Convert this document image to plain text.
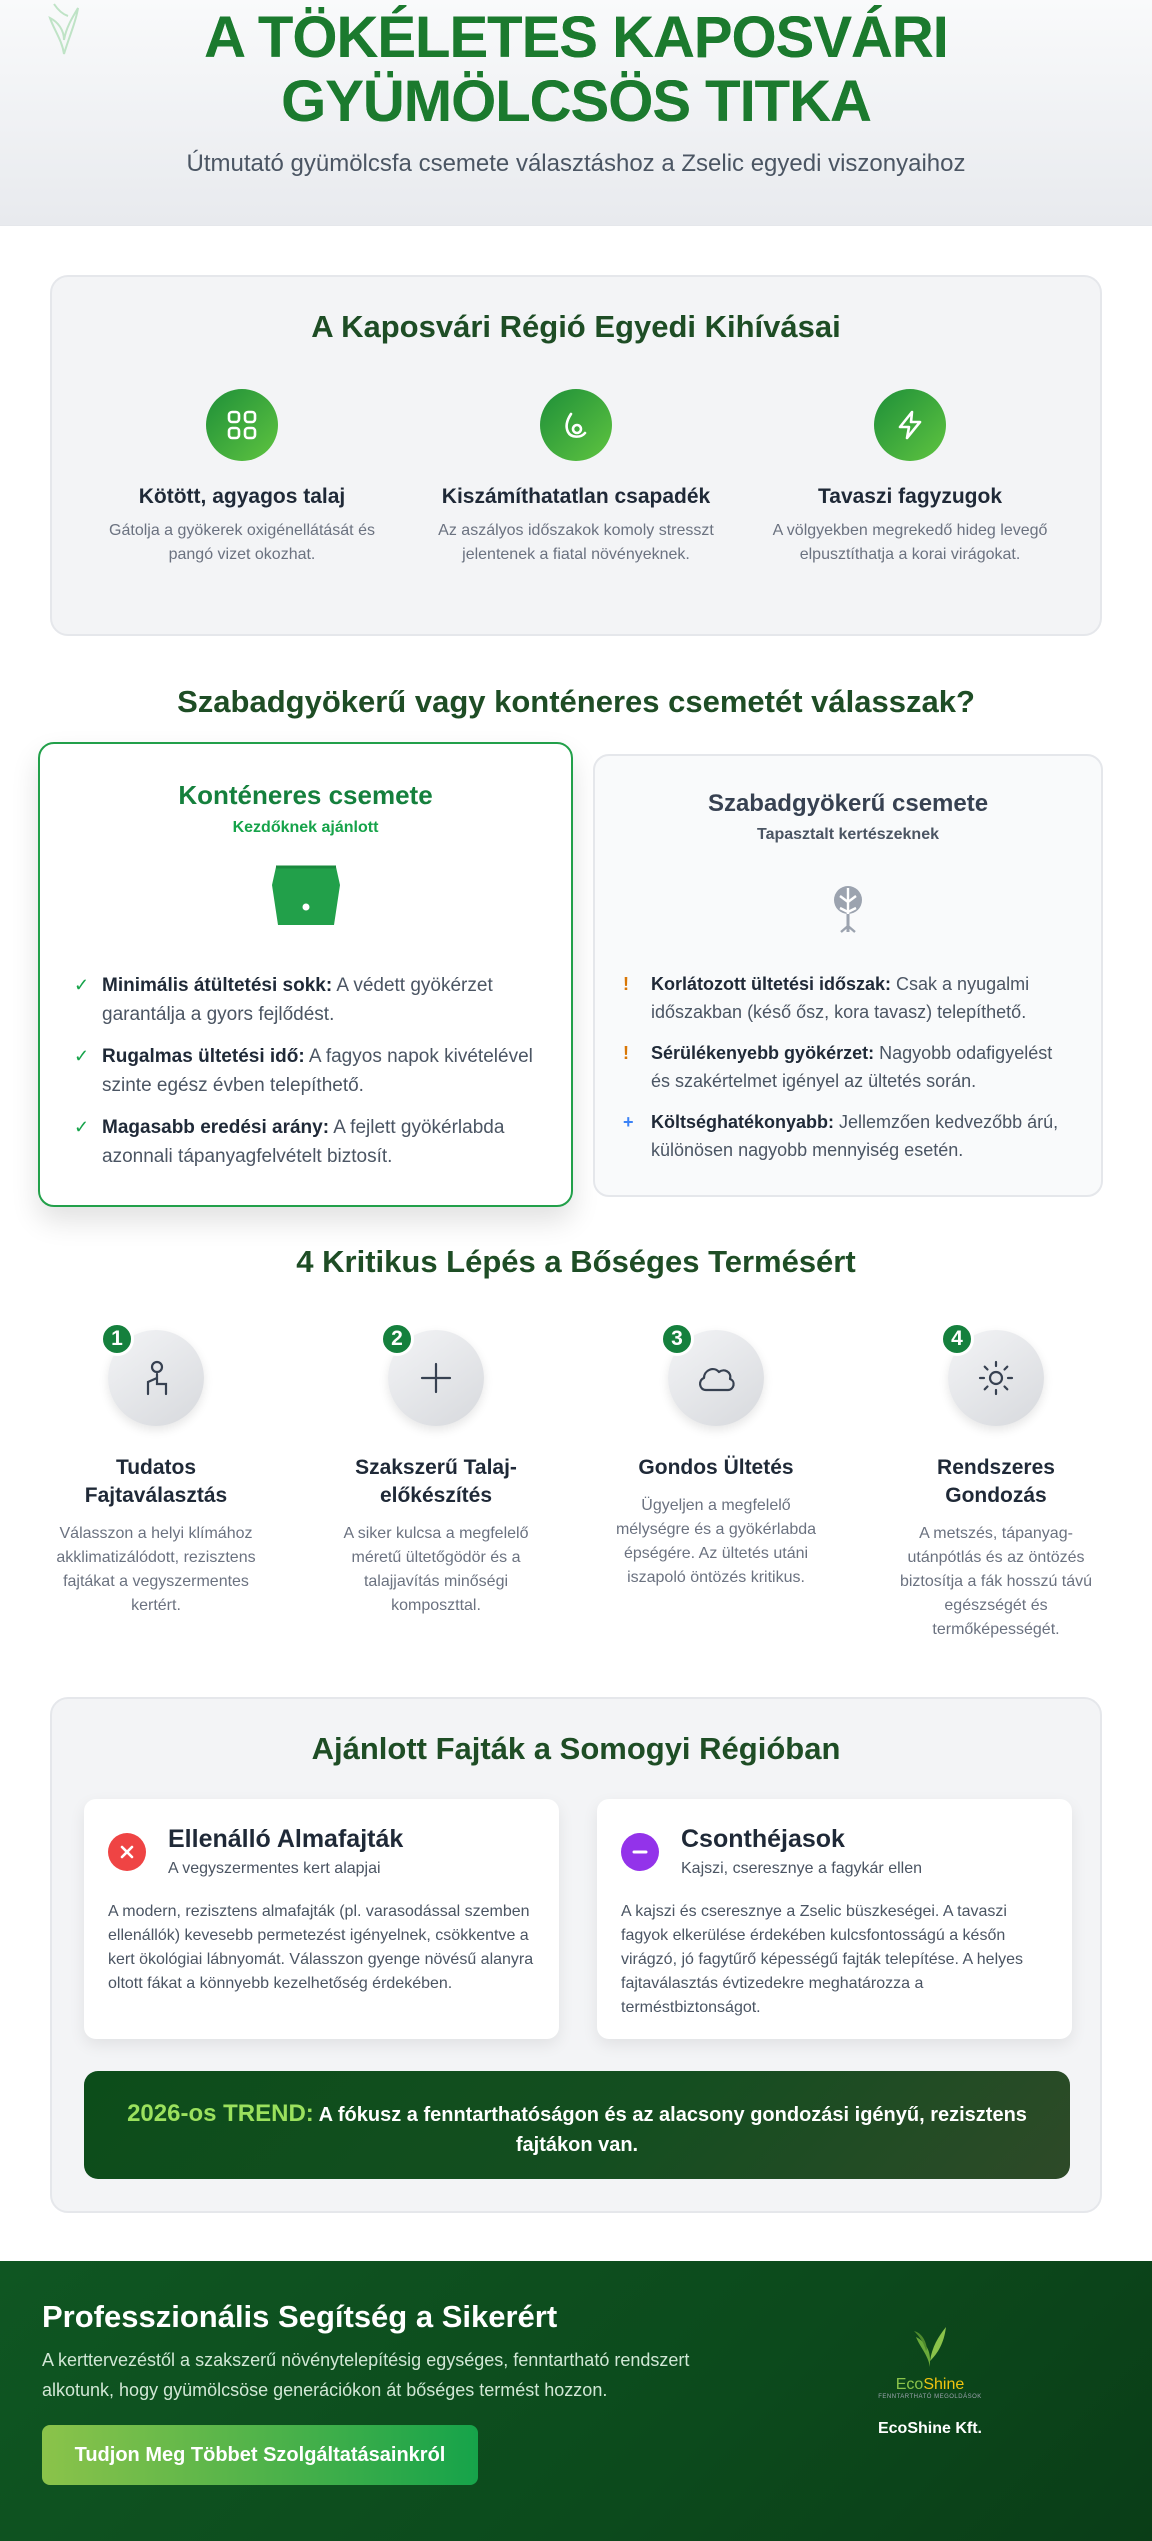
A TÖKÉLETES KAPOSVÁRI
GYÜMÖLCSÖS TITKA

Útmutató gyümölcsfa csemete választáshoz a Zselic egyedi viszonyaihoz

A Kaposvári Régió Egyedi Kihívásai
Kötött, agyagos talaj

Gátolja a gyökerek oxigénellátását és pangó vizet okozhat.

Kiszámíthatatlan csapadék

Az aszályos időszakok komoly stresszt jelentenek a fiatal növényeknek.

Tavaszi fagyzugok

A völgyekben megrekedő hideg levegő elpusztíthatja a korai virágokat.

Szabadgyökerű vagy konténeres csemetét válasszak?
Konténeres csemete
Kezdőknek ajánlott
✓ Minimális átültetési sokk: A védett gyökérzet garantálja a gyors fejlődést.
✓ Rugalmas ültetési idő: A fagyos napok kivételével szinte egész évben telepíthető.
✓ Magasabb eredési arány: A fejlett gyökérlabda azonnali tápanyagfelvételt biztosít.
Szabadgyökerű csemete
Tapasztalt kertészeknek
!	Korlátozott ültetési időszak: Csak a nyugalmi időszakban (késő ősz, kora tavasz) telepíthető.
!	Sérülékenyebb gyökérzet: Nagyobb odafigyelést és szakértelmet igényel az ültetés során.
+ Költséghatékonyabb: Jellemzően kedvezőbb árú, különösen nagyobb mennyiség esetén.
4 Kritikus Lépés a Bőséges Termésért
1
Tudatos Fajtaválasztás

Válasszon a helyi klímához akklimatizálódott, rezisztens fajtákat a vegyszermentes kertért.

2
Szakszerű Talaj-előkészítés

A siker kulcsa a megfelelő méretű ültetőgödör és a talajjavítás minőségi komposzttal.

3
Gondos Ültetés

Ügyeljen a megfelelő mélységre és a gyökérlabda épségére. Az ültetés utáni iszapoló öntözés kritikus.

4
Rendszeres Gondozás

A metszés, tápanyag-utánpótlás és az öntözés biztosítja a fák hosszú távú egészségét és termőképességét.

Ajánlott Fajták a Somogyi Régióban
Ellenálló Almafajták
A vegyszermentes kert alapjai

A modern, rezisztens almafajták (pl. varasodással szemben ellenállók) kevesebb permetezést igényelnek, csökkentve a kert ökológiai lábnyomát. Válasszon gyenge növésű alanyra oltott fákat a könnyebb kezelhetőség érdekében.

Csonthéjasok
Kajszi, cseresznye a fagykár ellen

A kajszi és cseresznye a Zselic büszkeségei. A tavaszi fagyok elkerülése érdekében kulcsfontosságú a későn virágzó, jó fagytűrő képességű fajták telepítése. A helyes fajtaválasztás évtizedekre meghatározza a terméstbiztonságot.

2026-os TREND: A fókusz a fenntarthatóságon és az alacsony gondozási igényű, rezisztens fajtákon van.
Professzionális Segítség a Sikerért

A kerttervezéstől a szakszerű növénytelepítésig egységes, fenntartható rendszert alkotunk, hogy gyümölcsöse generációkon át bőséges termést hozzon.

Tudjon Meg Többet Szolgáltatásainkról
EcoShine
FENNTARTHATÓ MEGOLDÁSOK
EcoShine Kft.
